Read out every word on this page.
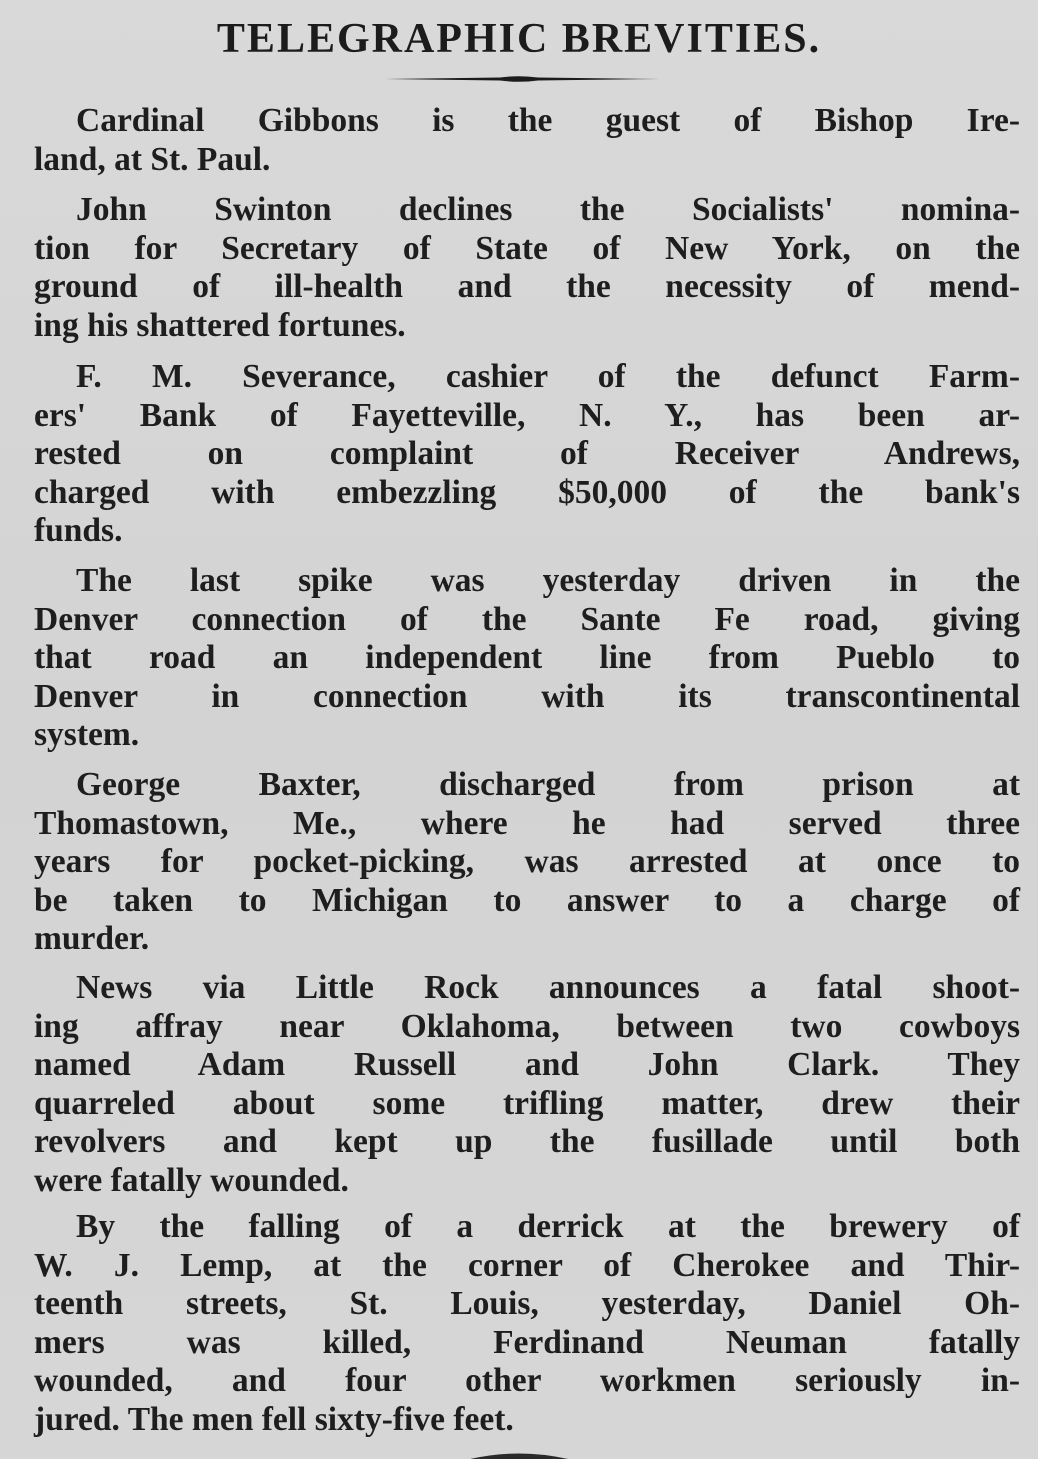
TELEGRAPHIC BREVITIES.
Cardinal Gibbons is the guest of Bishop Ire-
land, at St. Paul.
John Swinton declines the Socialists' nomina-
tion for Secretary of State of New York, on the
ground of ill-health and the necessity of mend-
ing his shattered fortunes.
F. M. Severance, cashier of the defunct Farm-
ers' Bank of Fayetteville, N. Y., has been ar-
rested on complaint of Receiver Andrews,
charged with embezzling $50,000 of the bank's
funds.
The last spike was yesterday driven in the
Denver connection of the Sante Fe road, giving
that road an independent line from Pueblo to
Denver in connection with its transcontinental
system.
George Baxter, discharged from prison at
Thomastown, Me., where he had served three
years for pocket-picking, was arrested at once to
be taken to Michigan to answer to a charge of
murder.
News via Little Rock announces a fatal shoot-
ing affray near Oklahoma, between two cowboys
named Adam Russell and John Clark. They
quarreled about some trifling matter, drew their
revolvers and kept up the fusillade until both
were fatally wounded.
By the falling of a derrick at the brewery of
W. J. Lemp, at the corner of Cherokee and Thir-
teenth streets, St. Louis, yesterday, Daniel Oh-
mers was killed, Ferdinand Neuman fatally
wounded, and four other workmen seriously in-
jured. The men fell sixty-five feet.
